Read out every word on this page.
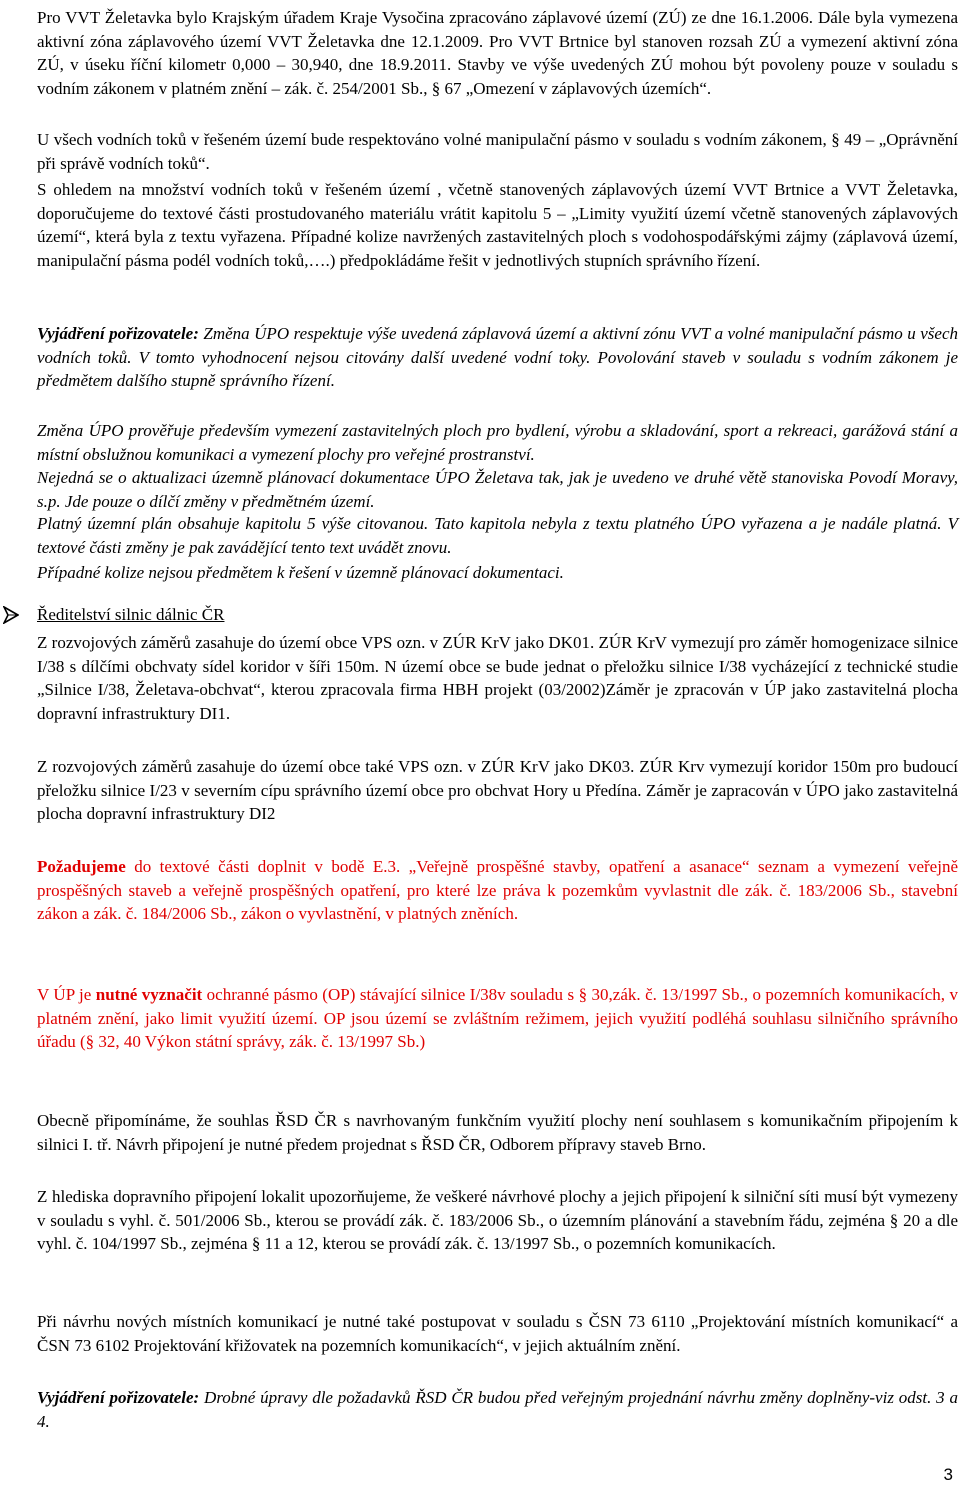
Pro VVT Želetavka bylo Krajským úřadem Kraje Vysočina zpracováno záplavové území (ZÚ) ze dne 16.1.2006. Dále byla vymezena aktivní zóna záplavového území VVT Želetavka dne 12.1.2009. Pro VVT Brtnice byl stanoven rozsah ZÚ a vymezení aktivní zóna ZÚ, v úseku říční kilometr 0,000 – 30,940, dne 18.9.2011. Stavby ve výše uvedených ZÚ mohou být povoleny pouze v souladu s vodním zákonem v platném znění – zák. č. 254/2001 Sb., § 67 „Omezení v záplavových územích“.

U všech vodních toků v řešeném území bude respektováno volné manipulační pásmo v souladu s vodním zákonem, § 49 – „Oprávnění při správě vodních toků“.

S ohledem na množství vodních toků v řešeném území , včetně stanovených záplavových území VVT Brtnice a VVT Želetavka, doporučujeme do textové části prostudovaného materiálu vrátit kapitolu 5 – „Limity využití území včetně stanovených záplavových území“, která byla z textu vyřazena. Případné kolize navržených zastavitelných ploch s vodohospodářskými zájmy (záplavová území, manipulační pásma podél vodních toků,….) předpokládáme řešit v jednotlivých stupních správního řízení.

Vyjádření pořizovatele: Změna ÚPO respektuje výše uvedená záplavová území a aktivní zónu VVT a volné manipulační pásmo u všech vodních toků. V tomto vyhodnocení nejsou citovány další uvedené vodní toky. Povolování staveb v souladu s vodním zákonem je předmětem dalšího stupně správního řízení.

Změna ÚPO prověřuje především vymezení zastavitelných ploch pro bydlení, výrobu a skladování, sport a rekreaci, garážová stání a místní obslužnou komunikaci a vymezení plochy pro veřejné prostranství.

Nejedná se o aktualizaci územně plánovací dokumentace ÚPO Želetava tak, jak je uvedeno ve druhé větě stanoviska Povodí Moravy, s.p. Jde pouze o dílčí změny v předmětném území.

Platný územní plán obsahuje kapitolu 5 výše citovanou. Tato kapitola nebyla z textu platného ÚPO vyřazena a je nadále platná. V textové části změny je pak zavádějící tento text uvádět znovu.

Případné kolize nejsou předmětem k řešení v územně plánovací dokumentaci.

Ředitelství silnic dálnic ČR

Z rozvojových záměrů zasahuje do území obce VPS ozn. v ZÚR KrV jako DK01. ZÚR KrV vymezují pro záměr homogenizace silnice I/38 s dílčími obchvaty sídel koridor v šíři 150m. N území obce se bude jednat o přeložku silnice I/38 vycházející z technické studie „Silnice I/38, Želetava-obchvat“, kterou zpracovala firma HBH projekt (03/2002)Záměr je zpracován v ÚP jako zastavitelná plocha dopravní infrastruktury DI1.

Z rozvojových záměrů zasahuje do území obce také VPS ozn. v ZÚR KrV jako DK03. ZÚR Krv vymezují koridor 150m pro budoucí přeložku silnice I/23 v severním cípu správního území obce pro obchvat Hory u Předína. Záměr je zapracován v ÚPO jako zastavitelná plocha dopravní infrastruktury DI2

Požadujeme do textové části doplnit v bodě E.3. „Veřejně prospěšné stavby, opatření a asanace“ seznam a vymezení veřejně prospěšných staveb a veřejně prospěšných opatření, pro které lze práva k pozemkům vyvlastnit dle zák. č. 183/2006 Sb., stavební zákon a zák. č. 184/2006 Sb., zákon o vyvlastnění, v platných zněních.

V ÚP je nutné vyznačit ochranné pásmo (OP) stávající silnice I/38v souladu s § 30,zák. č. 13/1997 Sb., o pozemních komunikacích, v platném znění, jako limit využití území. OP jsou území se zvláštním režimem, jejich využití podléhá souhlasu silničního správního úřadu (§ 32, 40 Výkon státní správy, zák. č. 13/1997 Sb.)

Obecně připomínáme, že souhlas ŘSD ČR s navrhovaným funkčním využití plochy není souhlasem s komunikačním připojením k silnici I. tř. Návrh připojení je nutné předem projednat s ŘSD ČR, Odborem přípravy staveb Brno.

Z hlediska dopravního připojení lokalit upozorňujeme, že veškeré návrhové plochy a jejich připojení k silniční síti musí být vymezeny v souladu s vyhl. č. 501/2006 Sb., kterou se provádí zák. č. 183/2006 Sb., o územním plánování a stavebním řádu, zejména § 20 a dle vyhl. č. 104/1997 Sb., zejména § 11 a 12, kterou se provádí zák. č. 13/1997 Sb., o pozemních komunikacích.

Při návrhu nových místních komunikací je nutné také postupovat v souladu s ČSN 73 6110 „Projektování místních komunikací“ a ČSN 73 6102 Projektování křižovatek na pozemních komunikacích“, v jejich aktuálním znění.

Vyjádření pořizovatele: Drobné úpravy dle požadavků ŘSD ČR budou před veřejným projednání návrhu změny doplněny-viz odst. 3 a 4.

3
